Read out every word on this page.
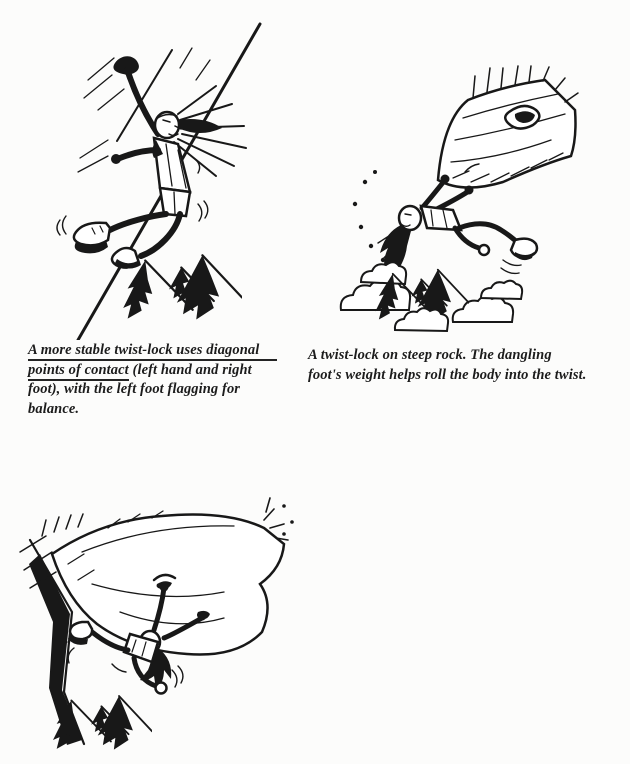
A more stable twist-lock uses diagonal
points of contact (left hand and right
foot), with the left foot flagging for
balance.
A twist-lock on steep rock. The dangling
foot's weight helps roll the body into the twist.
